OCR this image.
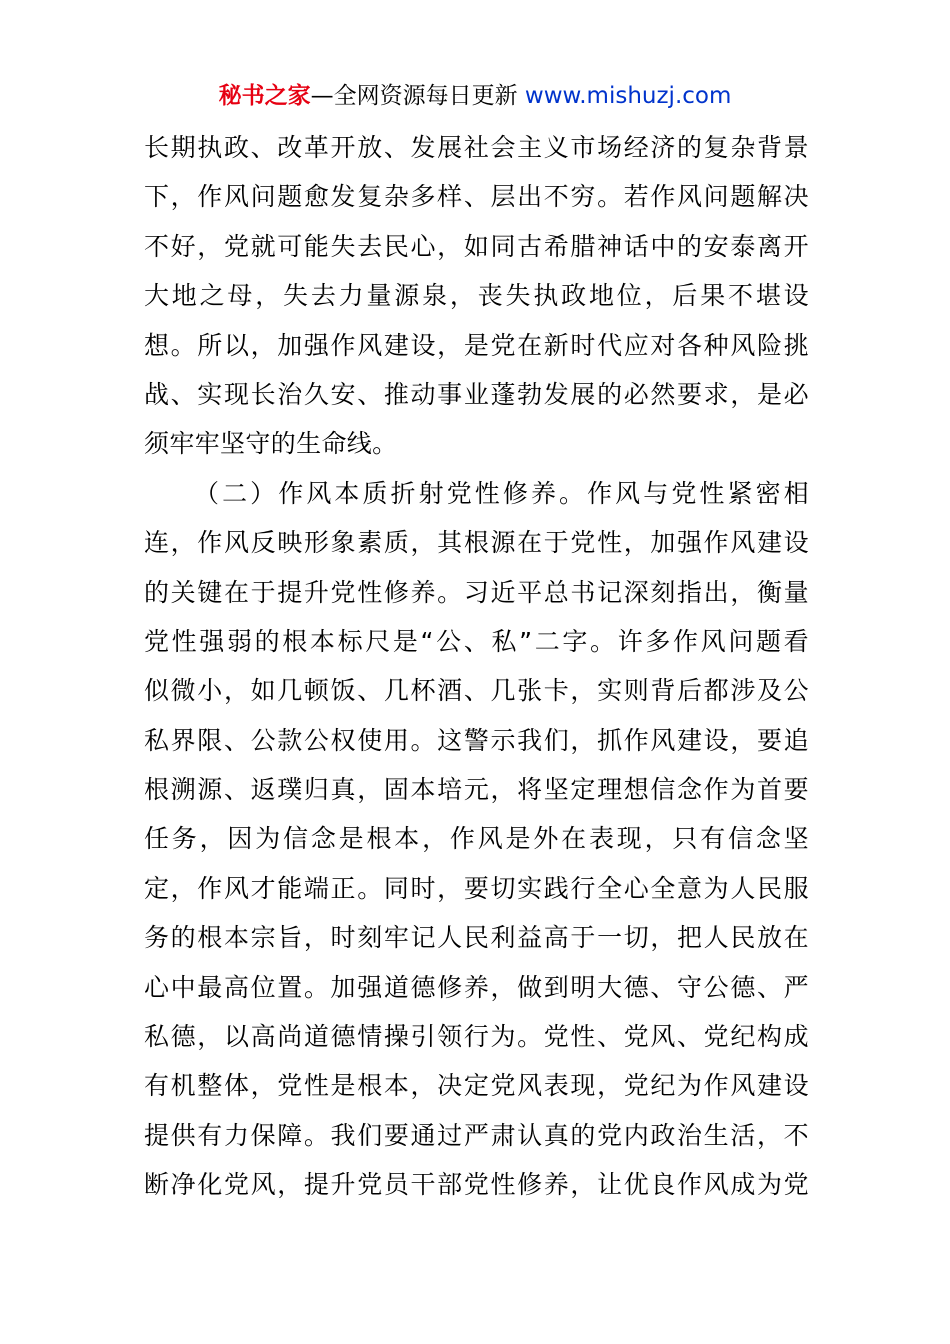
秘书之家—全网资源每日更新 www.mishuzj.com
长期执政、改革开放、发展社会主义市场经济的复杂背景
下，作风问题愈发复杂多样、层出不穷。若作风问题解决
不好，党就可能失去民心，如同古希腊神话中的安泰离开
大地之母，失去力量源泉，丧失执政地位，后果不堪设
想。所以，加强作风建设，是党在新时代应对各种风险挑
战、实现长治久安、推动事业蓬勃发展的必然要求，是必
须牢牢坚守的生命线。
（二）作风本质折射党性修养。作风与党性紧密相
连，作风反映形象素质，其根源在于党性，加强作风建设
的关键在于提升党性修养。习近平总书记深刻指出，衡量
党性强弱的根本标尺是“公、私”二字。许多作风问题看
似微小，如几顿饭、几杯酒、几张卡，实则背后都涉及公
私界限、公款公权使用。这警示我们，抓作风建设，要追
根溯源、返璞归真，固本培元，将坚定理想信念作为首要
任务，因为信念是根本，作风是外在表现，只有信念坚
定，作风才能端正。同时，要切实践行全心全意为人民服
务的根本宗旨，时刻牢记人民利益高于一切，把人民放在
心中最高位置。加强道德修养，做到明大德、守公德、严
私德，以高尚道德情操引领行为。党性、党风、党纪构成
有机整体，党性是根本，决定党风表现，党纪为作风建设
提供有力保障。我们要通过严肃认真的党内政治生活，不
断净化党风，提升党员干部党性修养，让优良作风成为党
